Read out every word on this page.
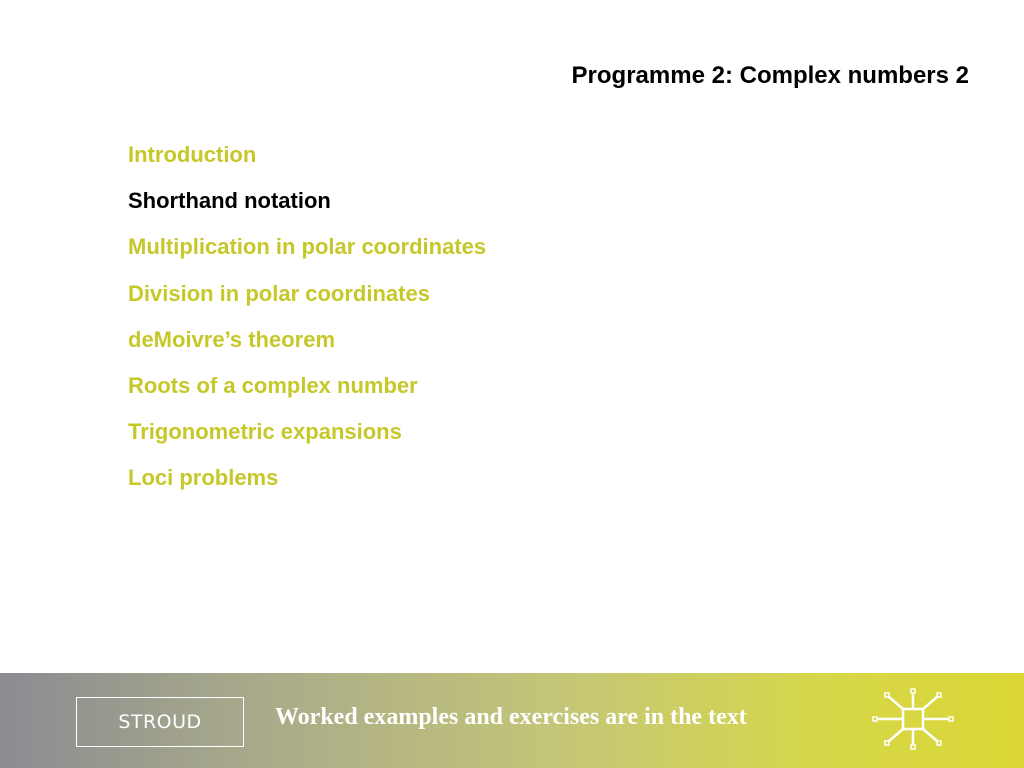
Programme 2: Complex numbers 2
Introduction
Shorthand notation
Multiplication in polar coordinates
Division in polar coordinates
deMoivre’s theorem
Roots of a complex number
Trigonometric expansions
Loci problems
STROUD	Worked examples and exercises are in the text
